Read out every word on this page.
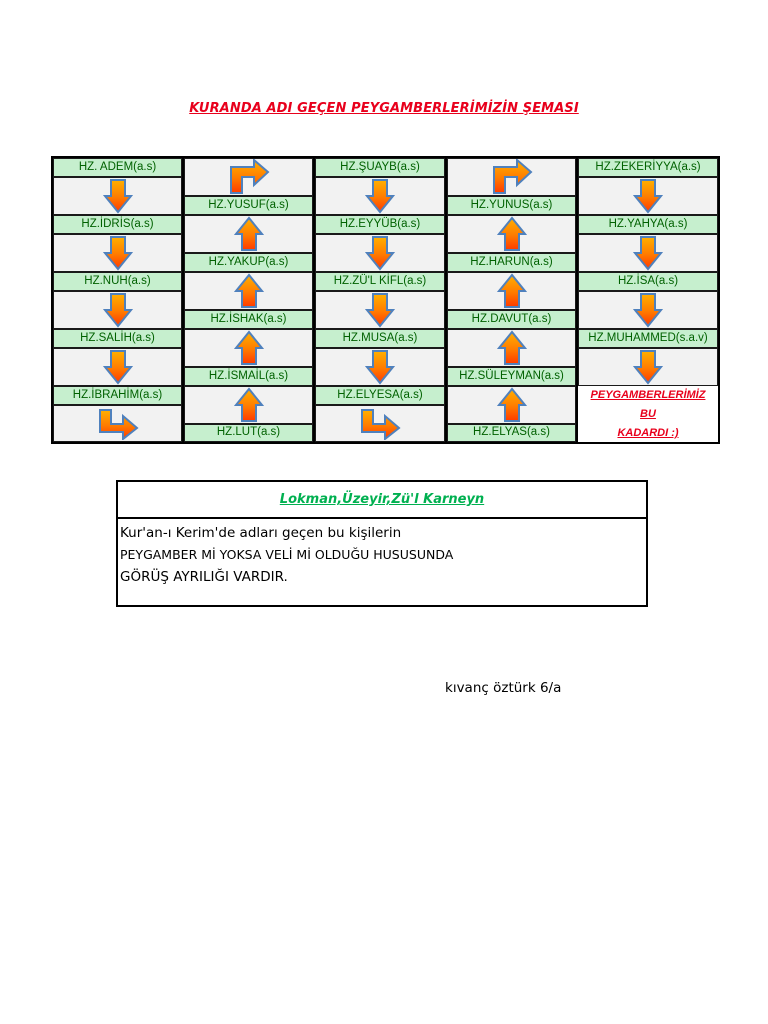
KURANDA ADI GEÇEN PEYGAMBERLERİMİZİN ŞEMASI
HZ. ADEM(a.s)
HZ.İDRİS(a.s)
HZ.NUH(a.s)
HZ.SALİH(a.s)
HZ.İBRAHİM(a.s)
HZ.YUSUF(a.s)
HZ.YAKUP(a.s)
HZ.İSHAK(a.s)
HZ.İSMAİL(a.s)
HZ.LUT(a.s)
HZ.ŞUAYB(a.s)
HZ.EYYÜB(a.s)
HZ.ZÜ'L KİFL(a.s)
HZ.MUSA(a.s)
HZ.ELYESA(a.s)
HZ.YUNUS(a.s)
HZ.HARUN(a.s)
HZ.DAVUT(a.s)
HZ.SÜLEYMAN(a.s)
HZ.ELYAS(a.s)
HZ.ZEKERİYYA(a.s)
HZ.YAHYA(a.s)
HZ.İSA(a.s)
HZ.MUHAMMED(s.a.v)
PEYGAMBERLERİMİZ
BU
KADARDI :)
Lokman,Üzeyir,Zü'l Karneyn
Kur'an-ı Kerim'de adları geçen bu kişilerin
PEYGAMBER Mİ YOKSA VELİ Mİ OLDUĞU HUSUSUNDA
GÖRÜŞ AYRILIĞI VARDIR.
kıvanç öztürk 6/a
